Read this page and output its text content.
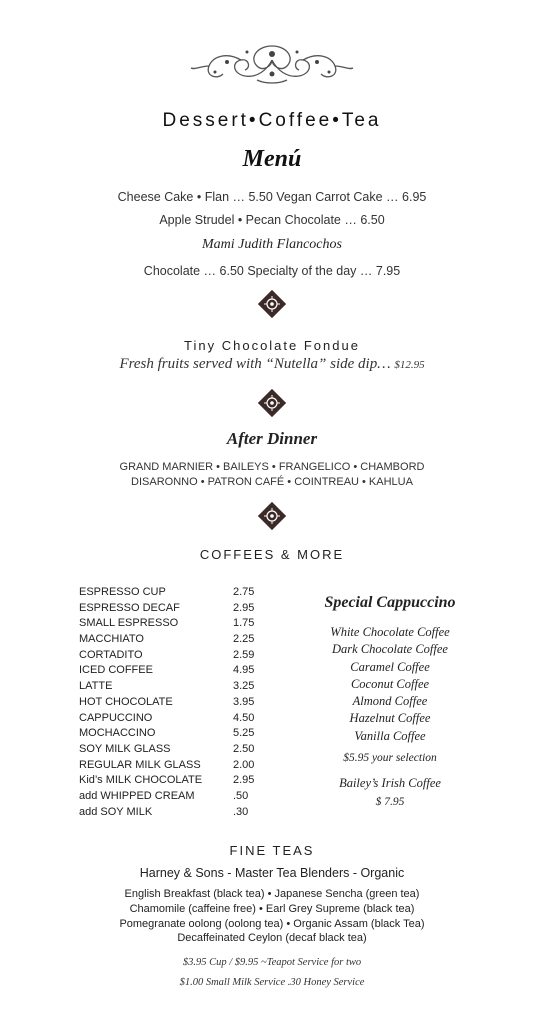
Dessert•Coffee•Tea
Menú
Cheese Cake • Flan … 5.50 Vegan Carrot Cake … 6.95
Apple Strudel • Pecan Chocolate … 6.50
Mami Judith Flancochos
Chocolate … 6.50 Specialty of the day … 7.95
Tiny Chocolate Fondue
Fresh fruits served with “Nutella” side dip… $12.95
After Dinner
GRAND MARNIER • BAILEYS • FRANGELICO • CHAMBORD
DISARONNO • PATRON CAFÉ • COINTREAU • KAHLUA
COFFEES & MORE
ESPRESSO CUP	2.75
ESPRESSO DECAF	2.95
SMALL ESPRESSO	1.75
MACCHIATO	2.25
CORTADITO	2.59
ICED COFFEE	4.95
LATTE	3.25
HOT CHOCOLATE	3.95
CAPPUCCINO	4.50
MOCHACCINO	5.25
SOY MILK GLASS	2.50
REGULAR MILK GLASS	2.00
Kid’s MILK CHOCOLATE	2.95
add WHIPPED CREAM	.50
add SOY MILK	.30
Special Cappuccino
White Chocolate Coffee
Dark Chocolate Coffee
Caramel Coffee
Coconut Coffee
Almond Coffee
Hazelnut Coffee
Vanilla Coffee
$5.95 your selection
Bailey’s Irish Coffee
$ 7.95
FINE TEAS
Harney & Sons - Master Tea Blenders - Organic
English Breakfast (black tea) • Japanese Sencha (green tea)
Chamomile (caffeine free) • Earl Grey Supreme (black tea)
Pomegranate oolong (oolong tea) • Organic Assam (black Tea)
Decaffeinated Ceylon (decaf black tea)
$3.95 Cup / $9.95 ~Teapot Service for two
$1.00 Small Milk Service .30 Honey Service
